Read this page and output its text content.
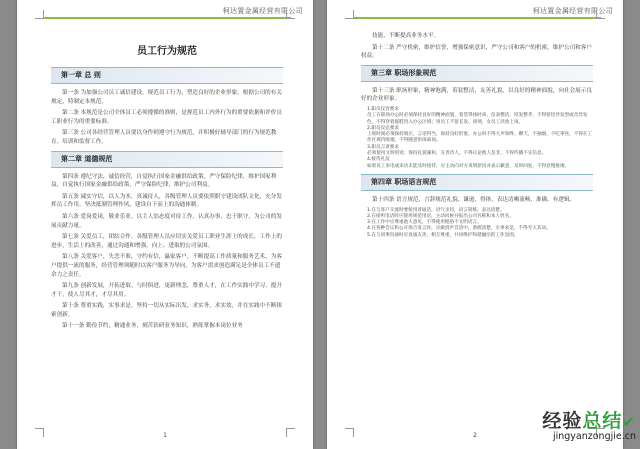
柯达置金属经营有限公司
员工行为规范
第一章 总 则

第一条 为加强公司员工诚信建设，规范员工行为，塑造良好的企业形象，根据公司的有关规定，特制定本规范。

第二条 本规范是公司全体员工必须遵循的准则，是规范员工内外行为的重要依据和评价员工职业行为的重要标准。

第三条 公司各经营管理人员要以身作则遵守行为规范，并积极好辅导部门的行为规范教育、培训和监督工作。

第二章 道德规范

第四条 遵纪守法，诚信经营，自觉执行国家金融供给政策，严守保险纪律，维护国家利益，自觉执行国家金融供给政策，严守保险纪律，维护公司利益。

第五条 诚实守信，以人为本，真诚待人，各级管理人员要依照职守建设团队文化，充分发挥员工作用。坚决抵制管理作风，建设自下而上的沟通体制。

第六条 爱岗爱岗，敬业乐业。以主人翁态度对待工作，认真办事，忠于职守，为公司的发展贡献力量。

第七条 关爱员工，团结合作。各级管理人员应切实关爱员工职业生涯上的成长，工作上的进步，生活上的改善，通过沟通和增强，向上、进取的公司氛围。

第八条 关爱客户，失恋不准，守约有信，赢家客户，不断提高工作质量和服务艺术，为客户提供一流的服务，经营管理须随时以客户服务为导向，为客户需求创造满足是全体员工不遗余力之责任。

第九条 创新发展，开拓进取。与时俱进，更新理念，尊重人才，在工作实践中学习、提升才干，使人尽其才，才尽其用。

第十条 尊重实践，实事求是。坚持一切从实际出发，求实务，求实效，并在实践中不断探索创新。

第十一条 勤俭节约，精通业务，刻苦钻研业务知识，熟练掌握本岗位业务

1
柯达置金属经营有限公司

技能，不断提高业务水平。

第十二条 严守机密，维护信誉，增强保密意识，严守公司和客户的机密，维护公司和客户权益。

第三章 职场形象规范

第十三条 职场形象，精神饱满，着装整洁，友善礼貌，以良好的精神面貌，向社会展示良好的企业形象。

1.职员仪容要求

员工在职场办公时必须保持良好的精神面貌，着装得体时尚，仪表整洁，厚发整齐，不得留怪异发型或奇异发色，不得穿着拖鞋进入办公区域；男员工不留长发、胡须，女员工淡妆上岗。

2.职员仪态要求

上班时间必须保持端庄，言语得当，保持良好形象，办公时不得大声喧哗、聊天、不抽烟、不吃零食，不得在工作区域内吸烟，不得随意串岗离岗。

3.职员言谈要求

必须使用文明用语；保持礼貌谦和，友善待人。不得议论他人是非，不得传播不实信息。

4.接待礼仪

如果员工来电或来访未能及时接待，应主动向对方说明原因并表示歉意，及时回复，不得怠慢推诿。

第四章 职场语言规范

第十四条 语言规范，言辞规范礼貌、谦逊、得体，表达清晰流畅、准确、有逻辑。

1.在与客户交流时要使用普通话，语气亲切，语言简练，表达清楚。

2.在接听电话时应使用规范用语，主动问候并报出公司名称和本人姓名。

3.在工作中应尊重他人意见，不得使用粗俗不文明语言。

4.在各种会议和公开场合发言时，应做到声音适中，条理清楚，实事求是，不得夸大其词。

5.在与同事沟通时应真诚友善，相互尊重，共同维护和谐融洽的工作氛围。

2
经验总结✔
jingyanzongjie.cn
